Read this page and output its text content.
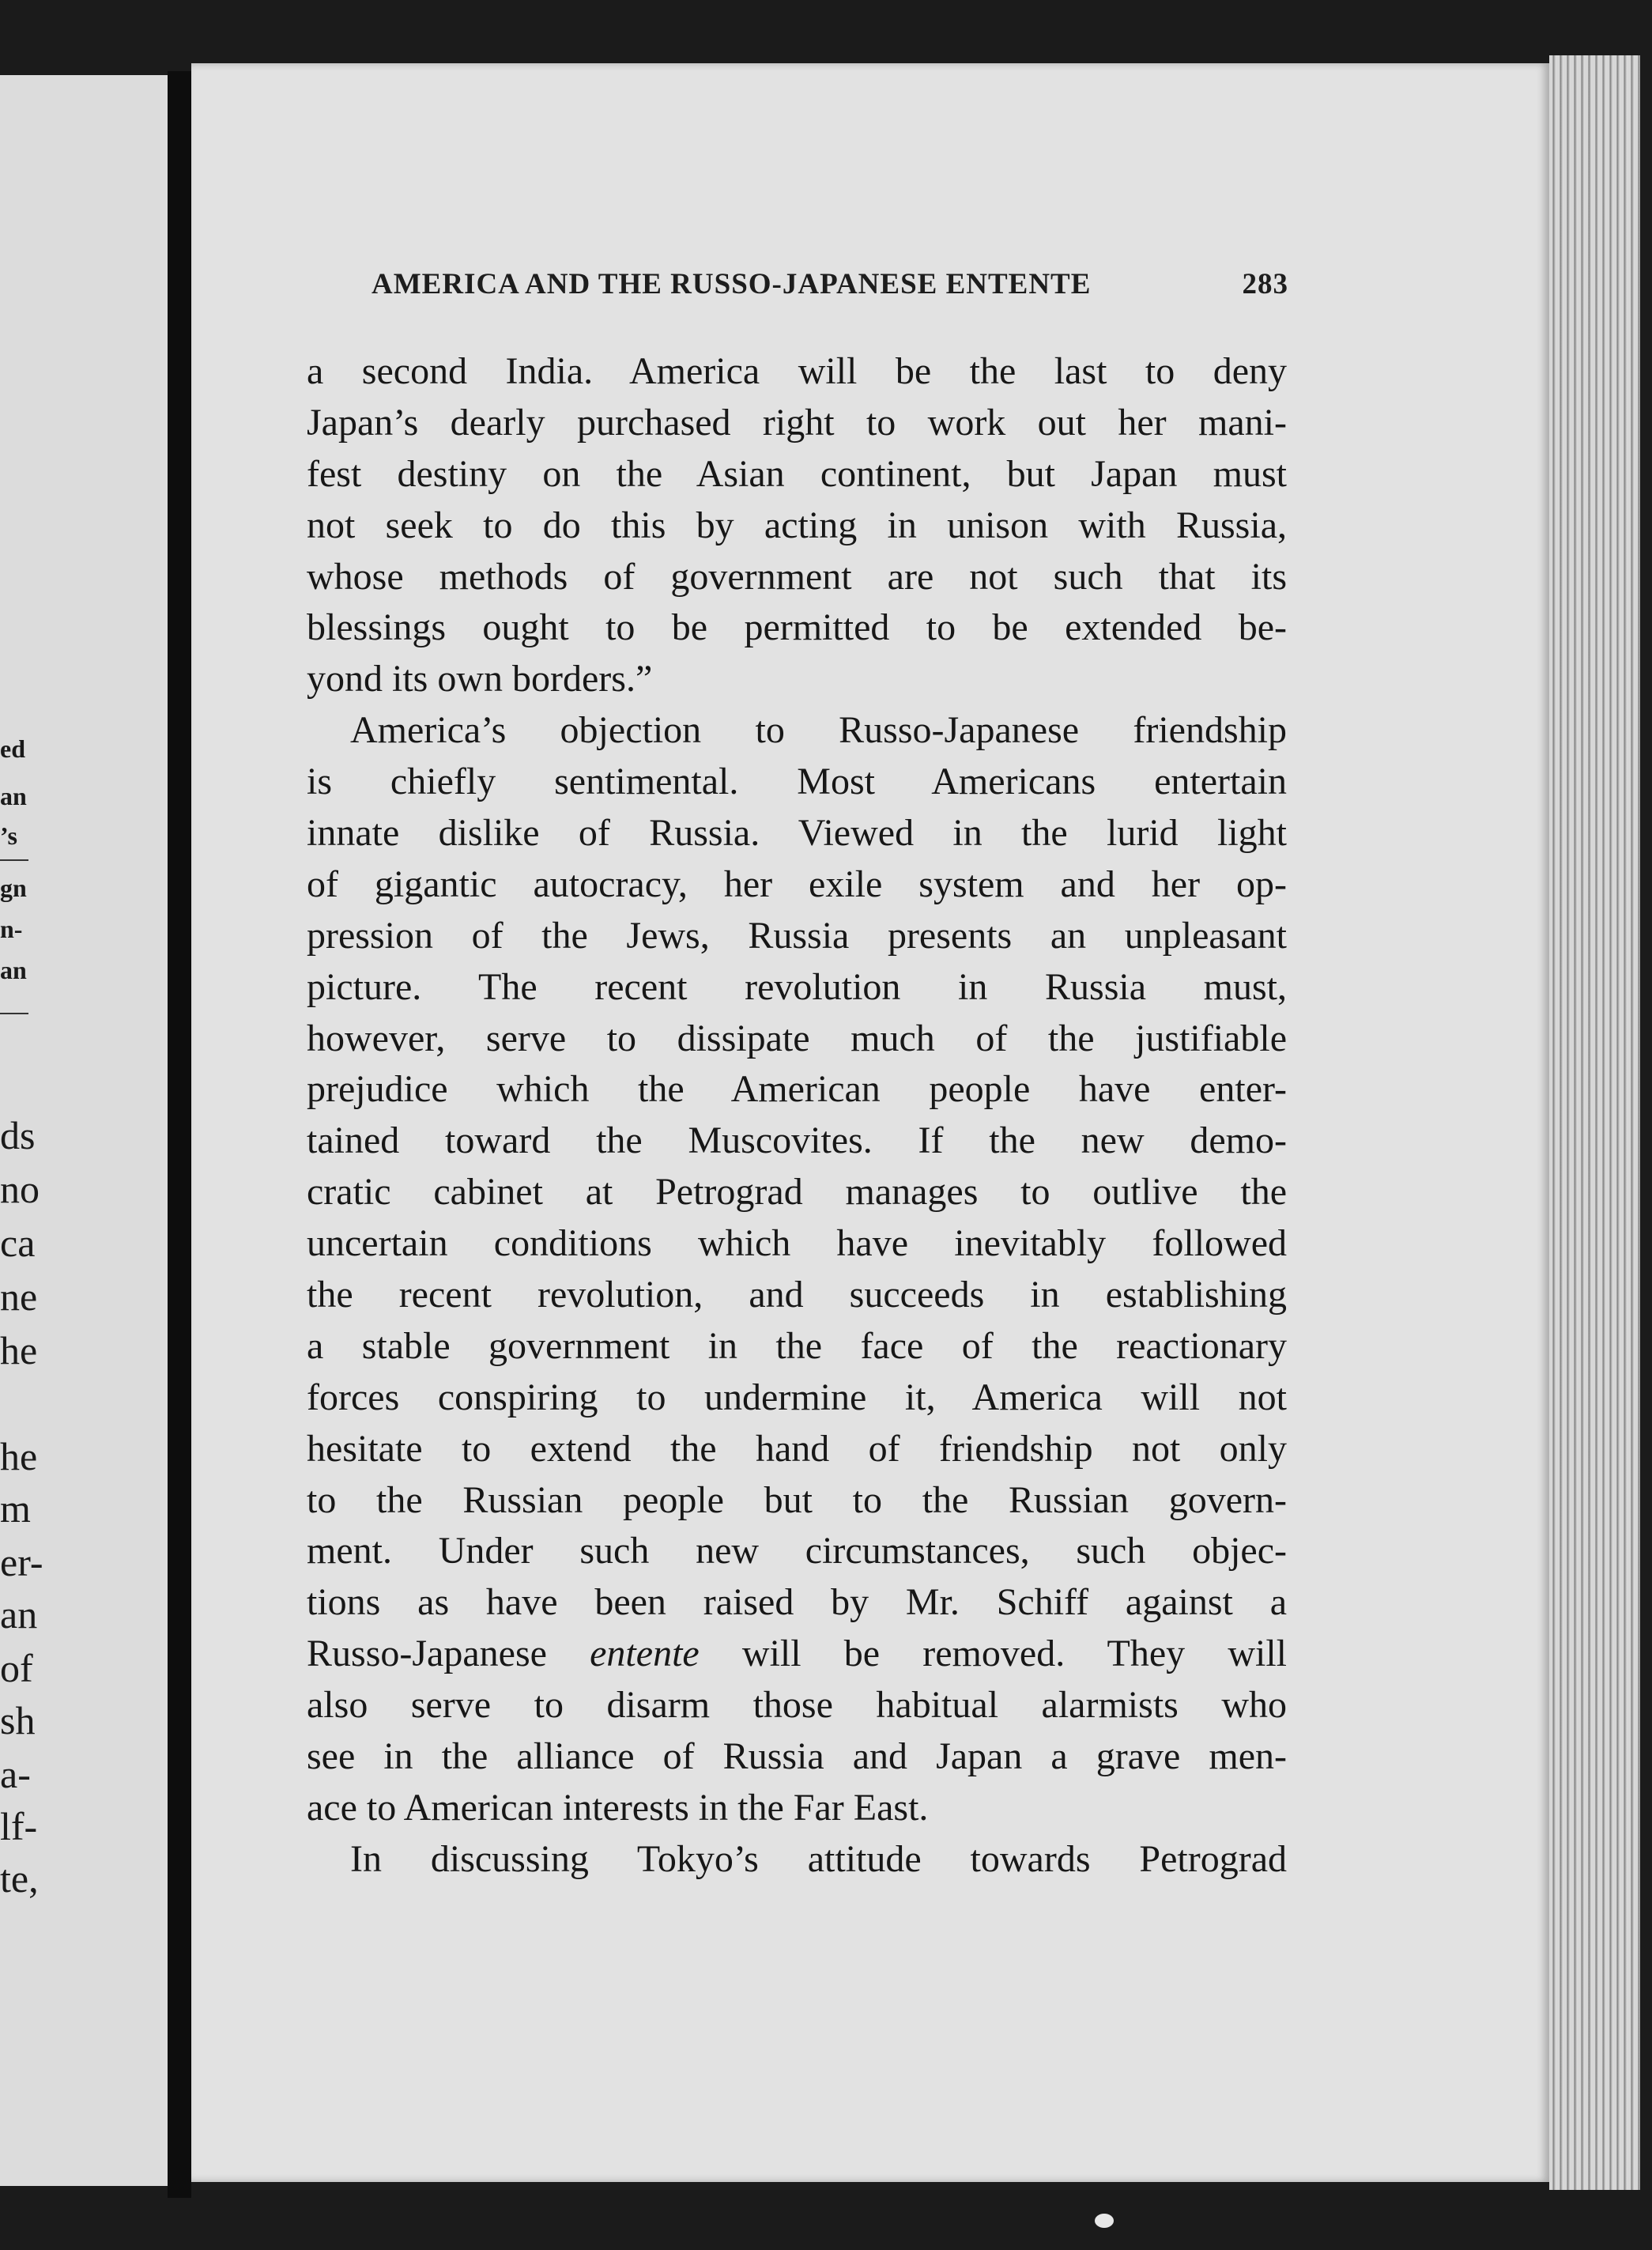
ed

an

’s

gn

n-

an

ds

no

ca

ne

he

he

m

er-

an

of

sh

a-

lf-

te,

AMERICA AND THE RUSSO-JAPANESE ENTENTE	283
a second India. America will be the last to deny
Japan’s dearly purchased right to work out her mani-
fest destiny on the Asian continent, but Japan must
not seek to do this by acting in unison with Russia,
whose methods of government are not such that its
blessings ought to be permitted to be extended be-
yond its own borders.”
America’s objection to Russo-Japanese friendship
is chiefly sentimental. Most Americans entertain
innate dislike of Russia. Viewed in the lurid light
of gigantic autocracy, her exile system and her op-
pression of the Jews, Russia presents an unpleasant
picture. The recent revolution in Russia must,
however, serve to dissipate much of the justifiable
prejudice which the American people have enter-
tained toward the Muscovites. If the new demo-
cratic cabinet at Petrograd manages to outlive the
uncertain conditions which have inevitably followed
the recent revolution, and succeeds in establishing
a stable government in the face of the reactionary
forces conspiring to undermine it, America will not
hesitate to extend the hand of friendship not only
to the Russian people but to the Russian govern-
ment. Under such new circumstances, such objec-
tions as have been raised by Mr. Schiff against a
Russo-Japanese entente will be removed. They will
also serve to disarm those habitual alarmists who
see in the alliance of Russia and Japan a grave men-
ace to American interests in the Far East.
In discussing Tokyo’s attitude towards Petrograd
